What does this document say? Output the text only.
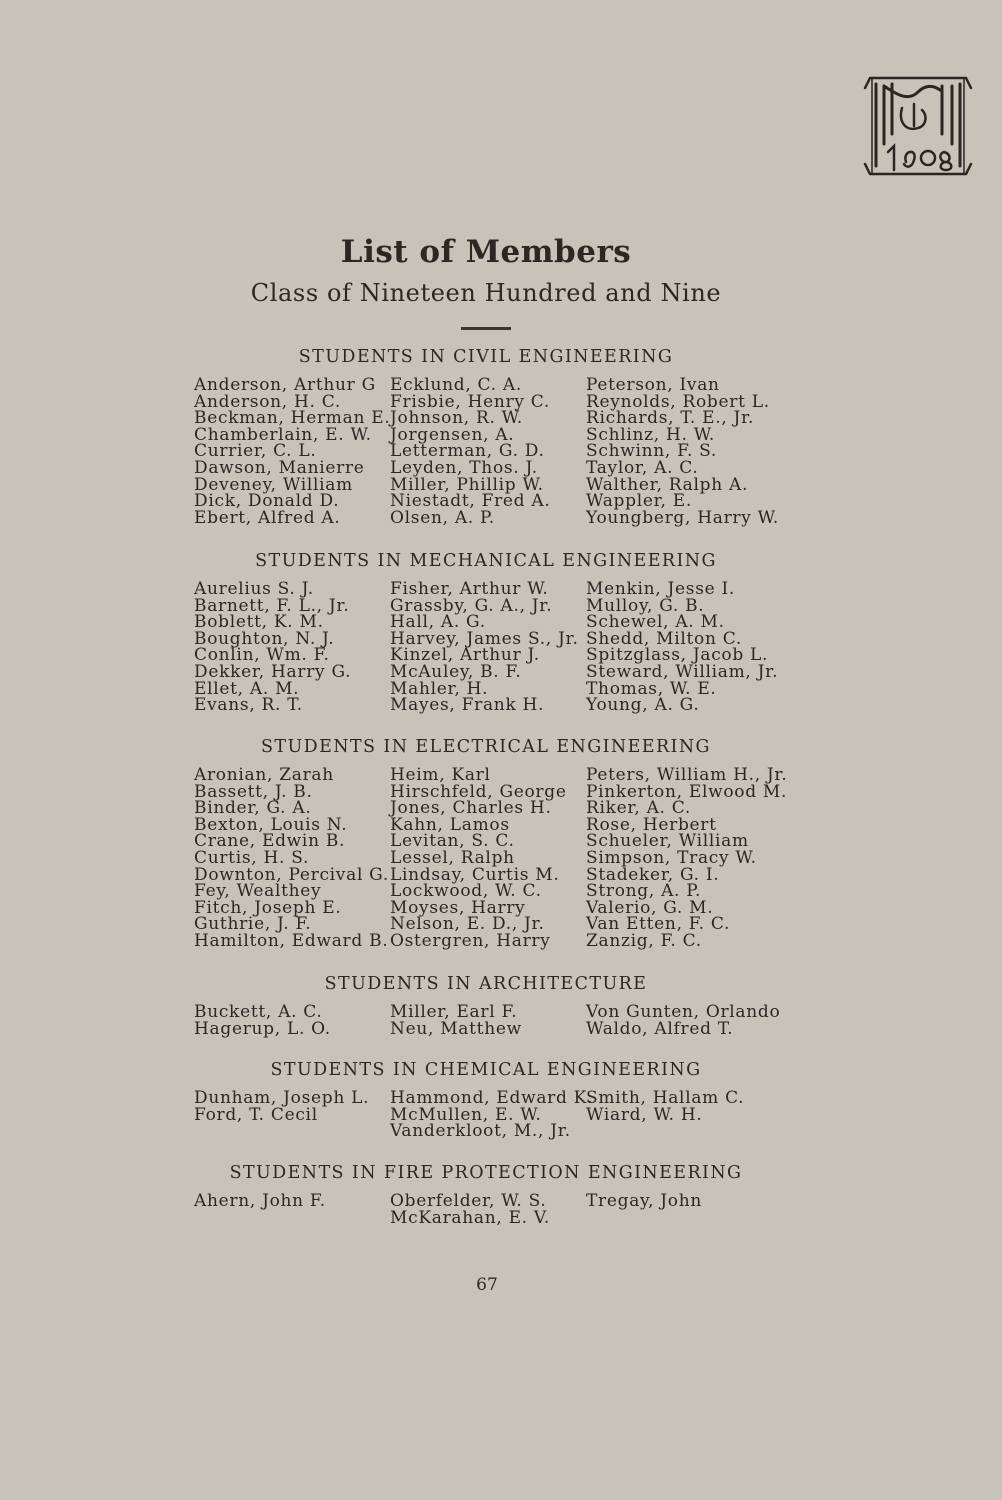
List of Members
Class of Nineteen Hundred and Nine
STUDENTS IN CIVIL ENGINEERING
Anderson, Arthur G
Anderson, H. C.
Beckman, Herman E.
Chamberlain, E. W.
Currier, C. L.
Dawson, Manierre
Deveney, William
Dick, Donald D.
Ebert, Alfred A.
Ecklund, C. A.
Frisbie, Henry C.
Johnson, R. W.
Jorgensen, A.
Letterman, G. D.
Leyden, Thos. J.
Miller, Phillip W.
Niestadt, Fred A.
Olsen, A. P.
Peterson, Ivan
Reynolds, Robert L.
Richards, T. E., Jr.
Schlinz, H. W.
Schwinn, F. S.
Taylor, A. C.
Walther, Ralph A.
Wappler, E.
Youngberg, Harry W.
STUDENTS IN MECHANICAL ENGINEERING
Aurelius S. J.
Barnett, F. L., Jr.
Boblett, K. M.
Boughton, N. J.
Conlin, Wm. F.
Dekker, Harry G.
Ellet, A. M.
Evans, R. T.
Fisher, Arthur W.
Grassby, G. A., Jr.
Hall, A. G.
Harvey, James S., Jr.
Kinzel, Arthur J.
McAuley, B. F.
Mahler, H.
Mayes, Frank H.
Menkin, Jesse I.
Mulloy, G. B.
Schewel, A. M.
Shedd, Milton C.
Spitzglass, Jacob L.
Steward, William, Jr.
Thomas, W. E.
Young, A. G.
STUDENTS IN ELECTRICAL ENGINEERING
Aronian, Zarah
Bassett, J. B.
Binder, G. A.
Bexton, Louis N.
Crane, Edwin B.
Curtis, H. S.
Downton, Percival G.
Fey, Wealthey
Fitch, Joseph E.
Guthrie, J. F.
Hamilton, Edward B.
Heim, Karl
Hirschfeld, George
Jones, Charles H.
Kahn, Lamos
Levitan, S. C.
Lessel, Ralph
Lindsay, Curtis M.
Lockwood, W. C.
Moyses, Harry
Nelson, E. D., Jr.
Ostergren, Harry
Peters, William H., Jr.
Pinkerton, Elwood M.
Riker, A. C.
Rose, Herbert
Schueler, William
Simpson, Tracy W.
Stadeker, G. I.
Strong, A. P.
Valerio, G. M.
Van Etten, F. C.
Zanzig, F. C.
STUDENTS IN ARCHITECTURE
Buckett, A. C.
Hagerup, L. O.
Miller, Earl F.
Neu, Matthew
Von Gunten, Orlando
Waldo, Alfred T.
STUDENTS IN CHEMICAL ENGINEERING
Dunham, Joseph L.
Ford, T. Cecil
Hammond, Edward K.
McMullen, E. W.
Vanderkloot, M., Jr.
Smith, Hallam C.
Wiard, W. H.
STUDENTS IN FIRE PROTECTION ENGINEERING
Ahern, John F.	Oberfelder, W. S.
McKarahan, E. V.
Tregay, John
67
